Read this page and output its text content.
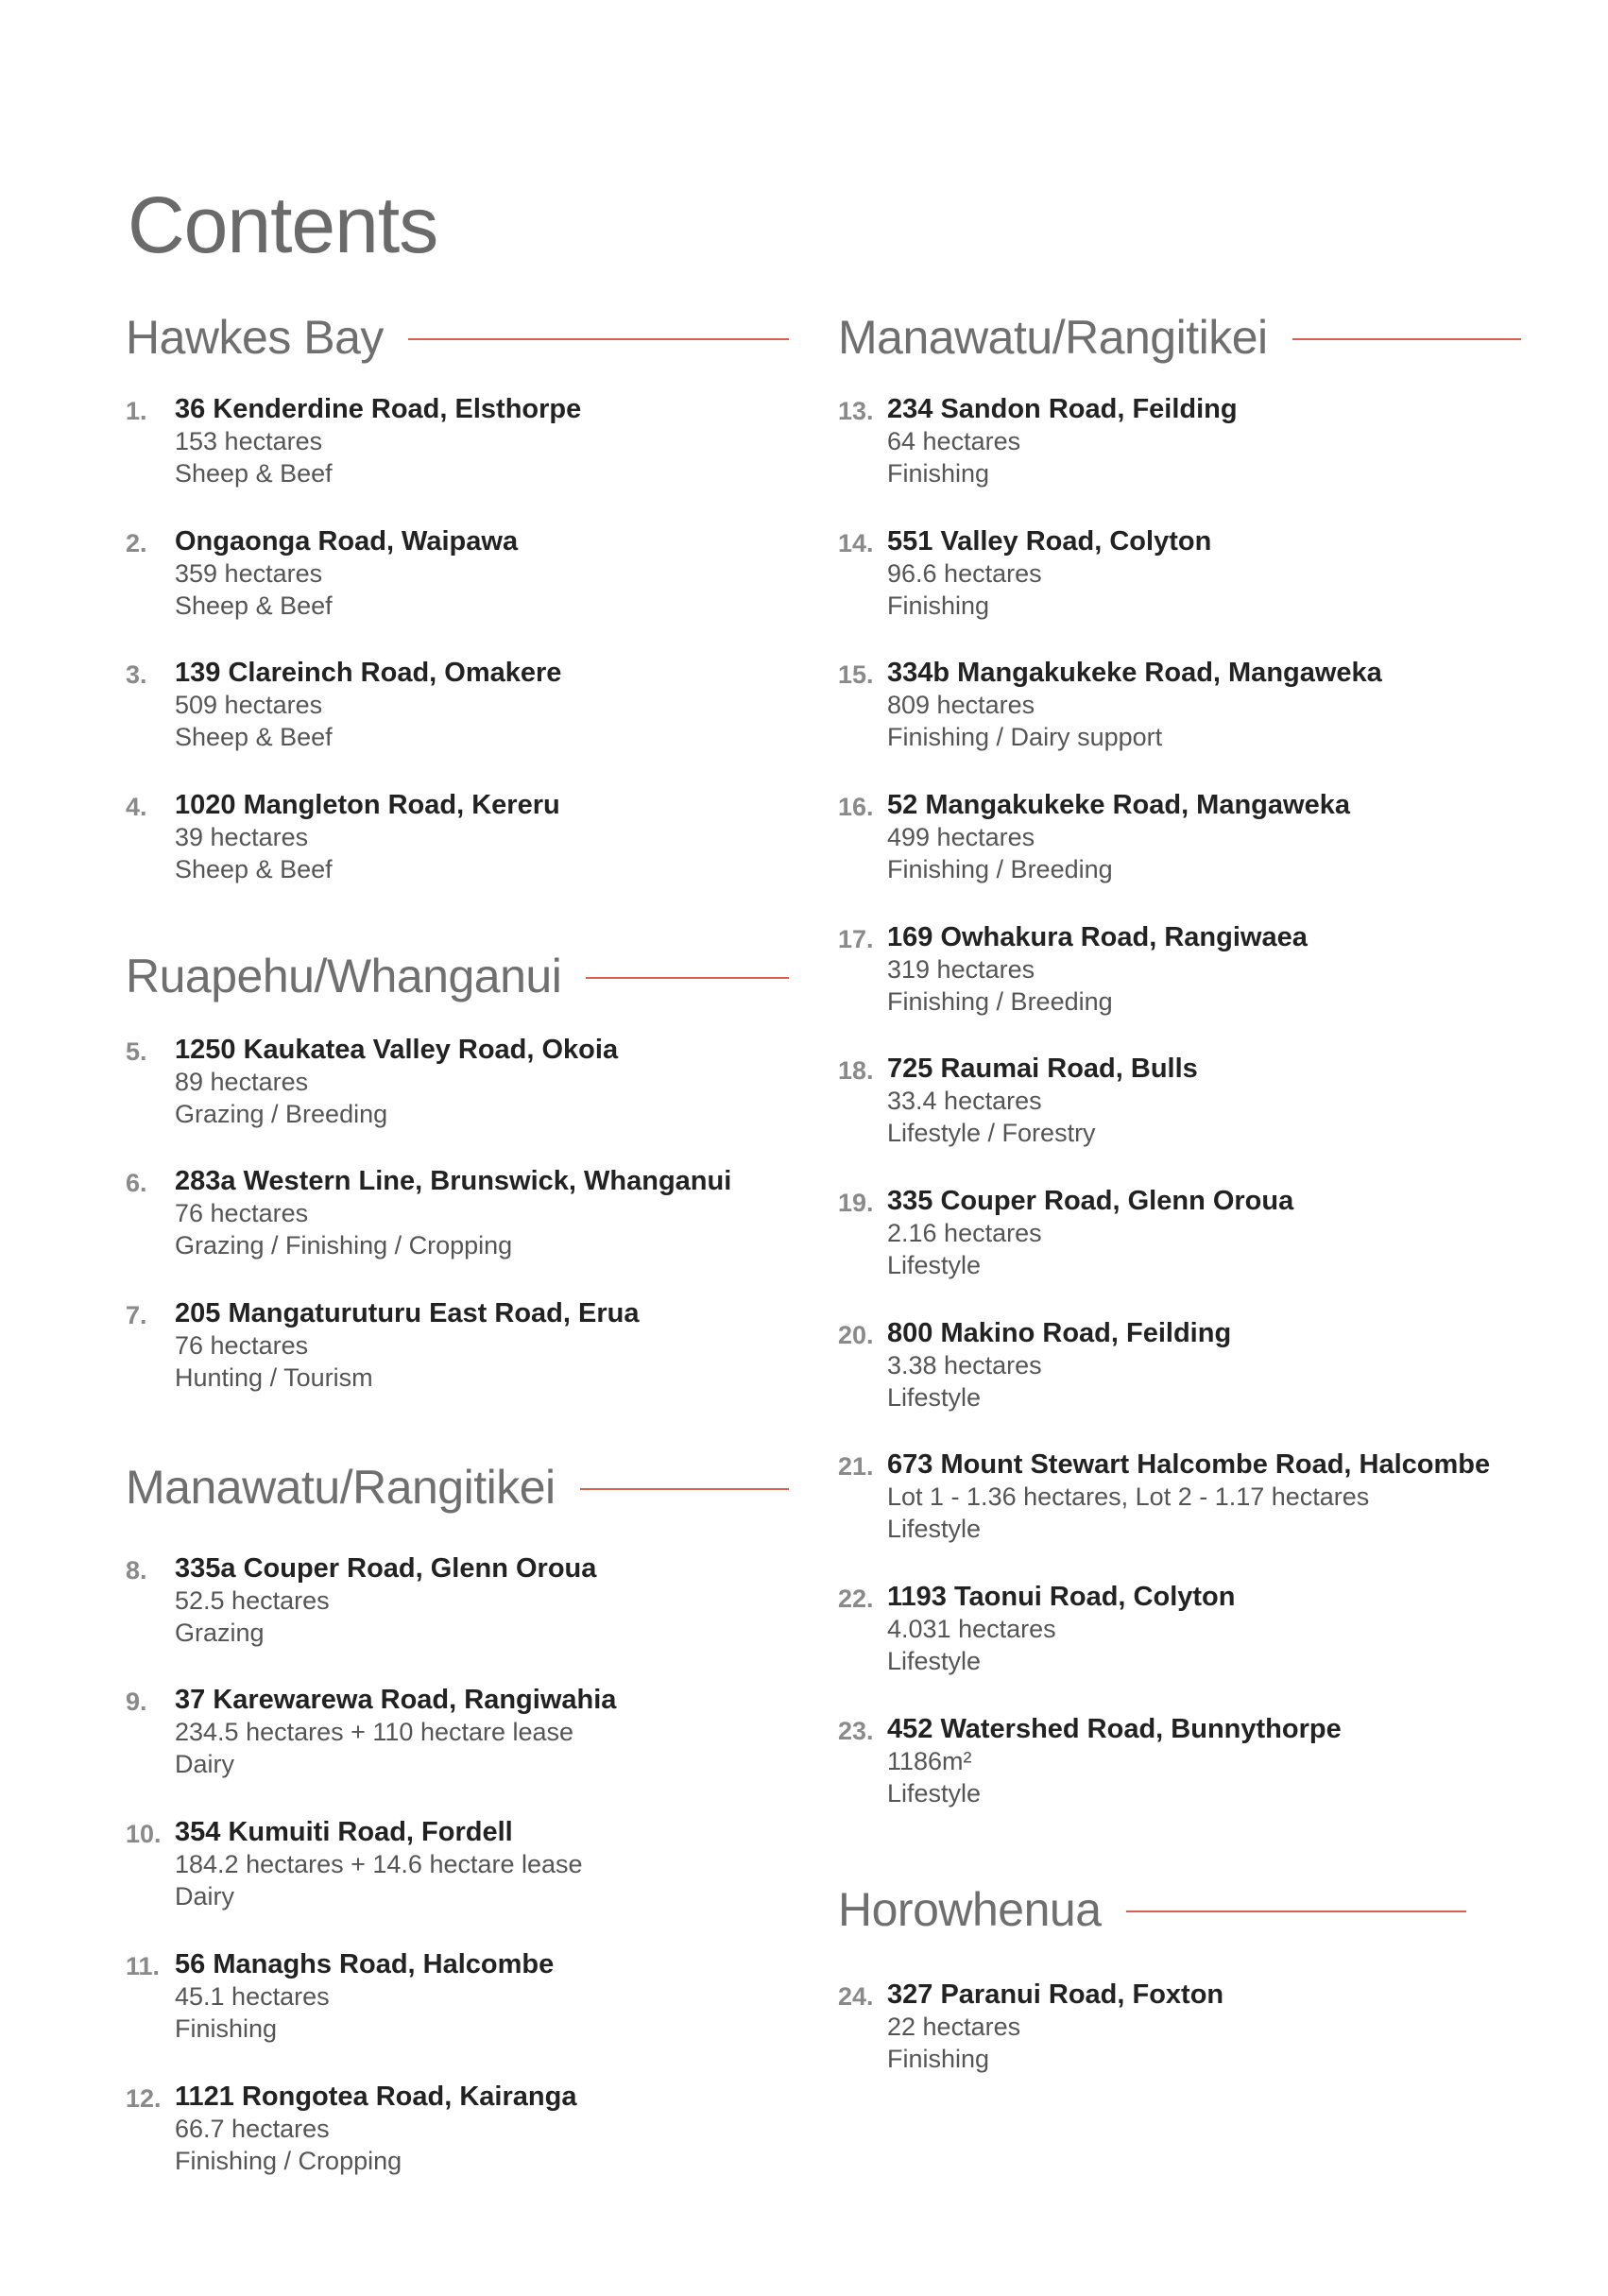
Contents
Hawkes Bay
1. 36 Kenderdine Road, Elsthorpe
153 hectares
Sheep & Beef
2. Ongaonga Road, Waipawa
359 hectares
Sheep & Beef
3. 139 Clareinch Road, Omakere
509 hectares
Sheep & Beef
4. 1020 Mangleton Road, Kereru
39 hectares
Sheep & Beef
Ruapehu/Whanganui
5. 1250 Kaukatea Valley Road, Okoia
89 hectares
Grazing / Breeding
6. 283a Western Line, Brunswick, Whanganui
76 hectares
Grazing / Finishing / Cropping
7. 205 Mangaturuturu East Road, Erua
76 hectares
Hunting / Tourism
Manawatu/Rangitikei
8. 335a Couper Road, Glenn Oroua
52.5 hectares
Grazing
9. 37 Karewarewa Road, Rangiwahia
234.5 hectares + 110 hectare lease
Dairy
10. 354 Kumuiti Road, Fordell
184.2 hectares + 14.6 hectare lease
Dairy
11. 56 Managhs Road, Halcombe
45.1 hectares
Finishing
12. 1121 Rongotea Road, Kairanga
66.7 hectares
Finishing / Cropping
Manawatu/Rangitikei
13. 234 Sandon Road, Feilding
64 hectares
Finishing
14. 551 Valley Road, Colyton
96.6 hectares
Finishing
15. 334b Mangakukeke Road, Mangaweka
809 hectares
Finishing / Dairy support
16. 52 Mangakukeke Road, Mangaweka
499 hectares
Finishing / Breeding
17. 169 Owhakura Road, Rangiwaea
319 hectares
Finishing / Breeding
18. 725 Raumai Road, Bulls
33.4 hectares
Lifestyle / Forestry
19. 335 Couper Road, Glenn Oroua
2.16 hectares
Lifestyle
20. 800 Makino Road, Feilding
3.38 hectares
Lifestyle
21. 673 Mount Stewart Halcombe Road, Halcombe
Lot 1 - 1.36 hectares, Lot 2 - 1.17 hectares
Lifestyle
22. 1193 Taonui Road, Colyton
4.031 hectares
Lifestyle
23. 452 Watershed Road, Bunnythorpe
1186m²
Lifestyle
Horowhenua
24. 327 Paranui Road, Foxton
22 hectares
Finishing
